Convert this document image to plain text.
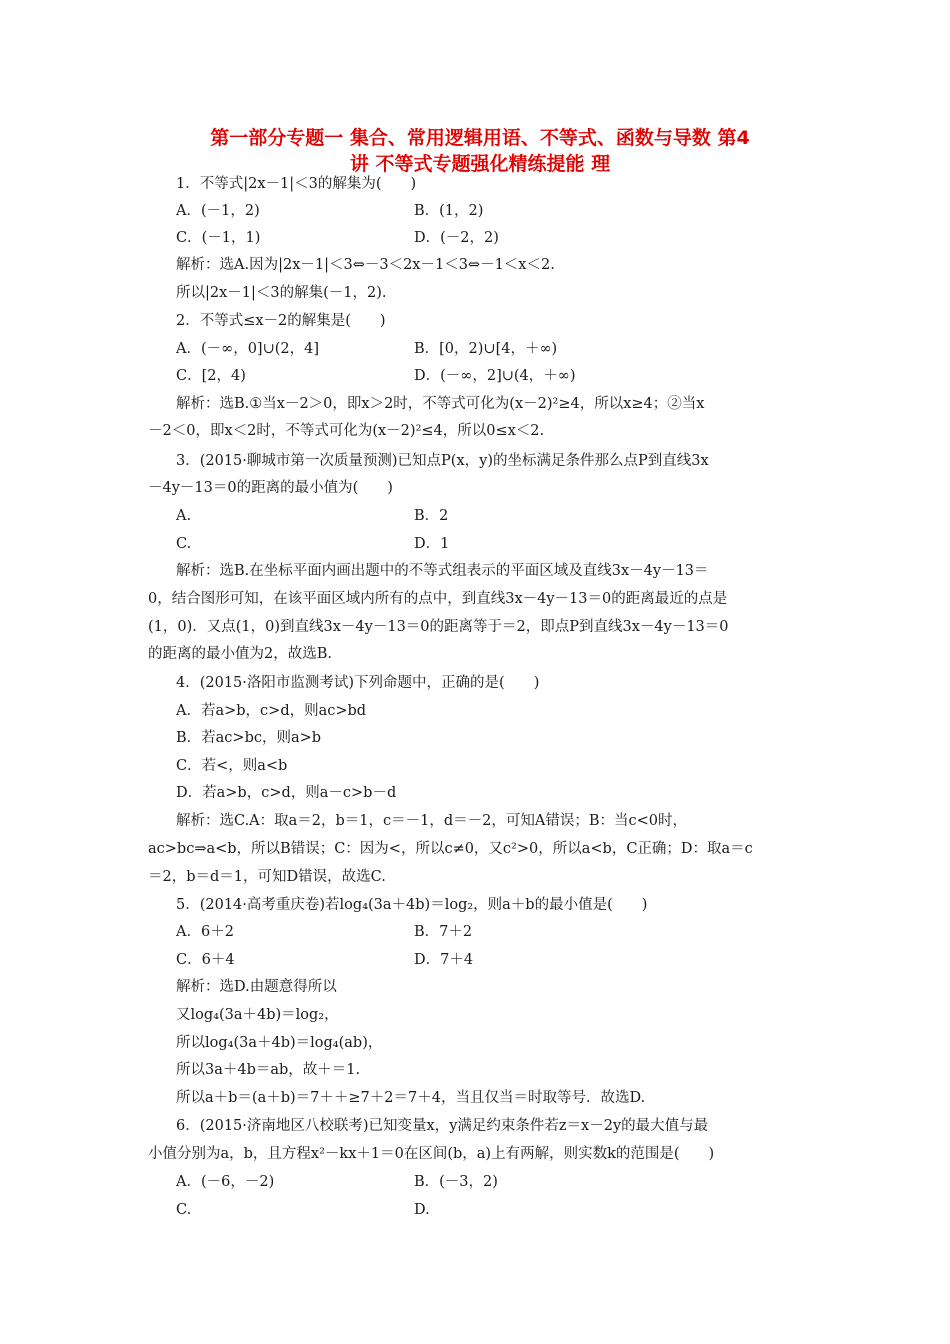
第一部分专题一 集合、常用逻辑用语、不等式、函数与导数 第4
讲 不等式专题强化精练提能 理
1．不等式|2x－1|＜3的解集为(　　)
A．(－1，2)	B．(1，2)
C．(－1，1)	D．(－2，2)
解析：选A.因为|2x－1|＜3⇔－3＜2x－1＜3⇔－1＜x＜2.
所以|2x－1|＜3的解集(－1，2).
2．不等式≤x－2的解集是(　　)
A．(－∞，0]∪(2，4]	B．[0，2)∪[4，＋∞)
C．[2，4)	D．(－∞，2]∪(4，＋∞)
解析：选B.①当x－2＞0，即x＞2时，不等式可化为(x－2)²≥4，所以x≥4；②当x
－2＜0，即x＜2时，不等式可化为(x－2)²≤4，所以0≤x＜2.
3．(2015·聊城市第一次质量预测)已知点P(x，y)的坐标满足条件那么点P到直线3x
－4y－13＝0的距离的最小值为(　　)
A.	B．2
C.	D．1
解析：选B.在坐标平面内画出题中的不等式组表示的平面区域及直线3x－4y－13＝
0，结合图形可知，在该平面区域内所有的点中，到直线3x－4y－13＝0的距离最近的点是
(1，0)．又点(1，0)到直线3x－4y－13＝0的距离等于＝2，即点P到直线3x－4y－13＝0
的距离的最小值为2，故选B.
4．(2015·洛阳市监测考试)下列命题中，正确的是(　　)
A．若a>b，c>d，则ac>bd
B．若ac>bc，则a>b
C．若<，则a<b
D．若a>b，c>d，则a－c>b－d
解析：选C.A：取a＝2，b＝1，c＝－1，d＝－2，可知A错误；B：当c<0时，
ac>bc⇒a<b，所以B错误；C：因为<，所以c≠0，又c²>0，所以a<b，C正确；D：取a＝c
＝2，b＝d＝1，可知D错误，故选C.
5．(2014·高考重庆卷)若log₄(3a＋4b)＝log₂，则a＋b的最小值是(　　)
A．6＋2	B．7＋2
C．6＋4	D．7＋4
解析：选D.由题意得所以
又log₄(3a＋4b)＝log₂，
所以log₄(3a＋4b)＝log₄(ab)，
所以3a＋4b＝ab，故＋＝1.
所以a＋b＝(a＋b)＝7＋＋≥7＋2＝7＋4，当且仅当＝时取等号．故选D.
6．(2015·济南地区八校联考)已知变量x，y满足约束条件若z＝x－2y的最大值与最
小值分别为a，b，且方程x²－kx＋1＝0在区间(b，a)上有两解，则实数k的范围是(　　)
A．(－6，－2)	B．(－3，2)
C.	D.
